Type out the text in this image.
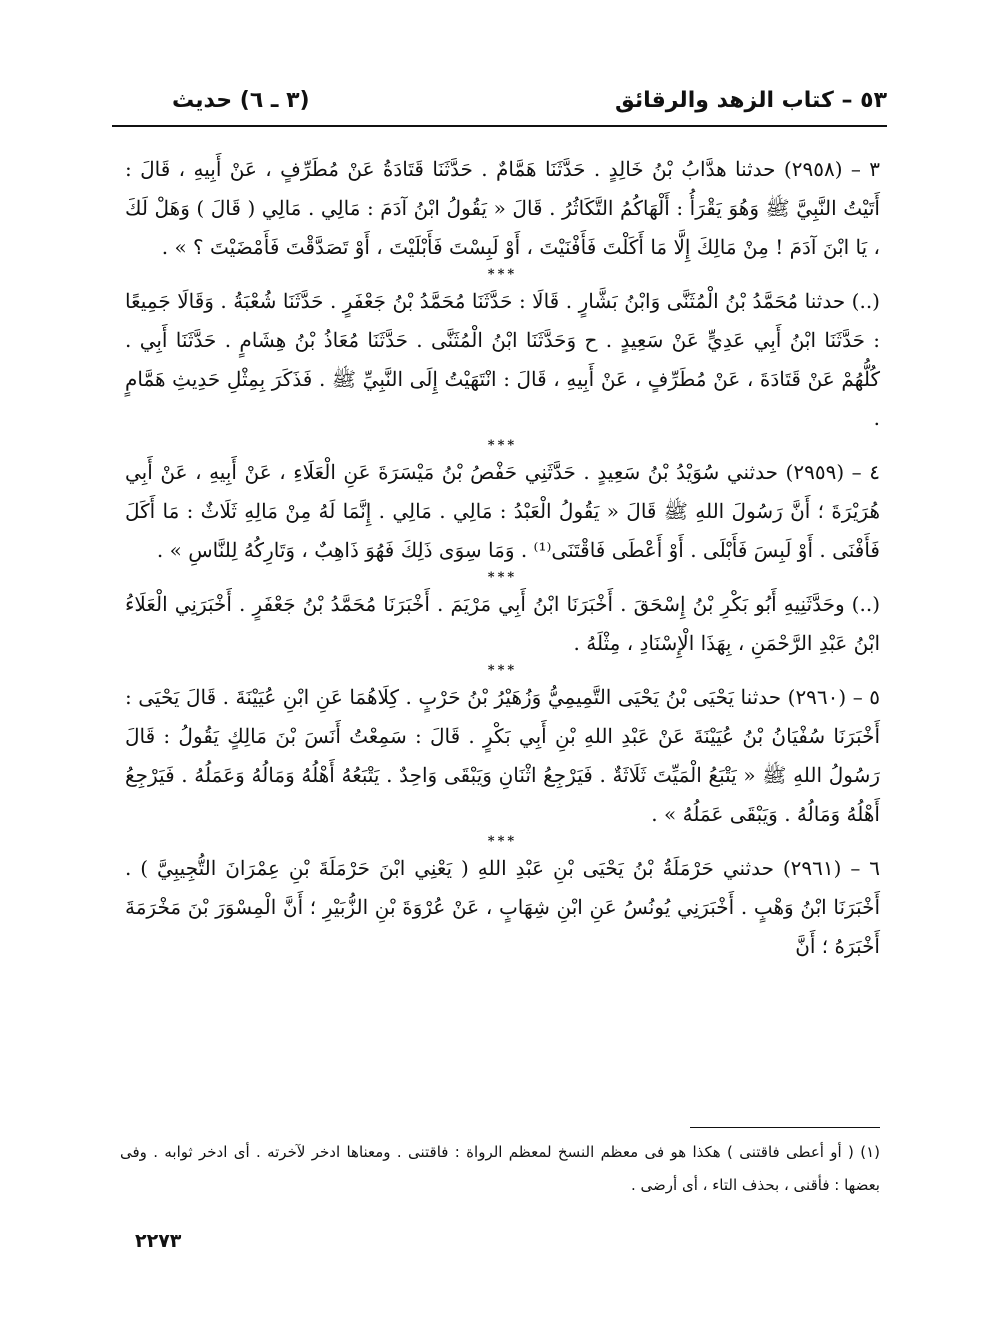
٥٣ – كتاب الزهد والرقائق
(٣ ـ ٦) حديث

٣ – (٢٩٥٨) حدثنا هدَّابُ بْنُ خَالِدٍ . حَدَّثَنَا هَمَّامٌ . حَدَّثَنَا قَتَادَةُ عَنْ مُطَرِّفٍ ، عَنْ أَبِيهِ ، قَالَ : أَتَيْتُ النَّبِيَّ ﷺ وَهُوَ يَقْرَأُ : أَلْهَاكُمُ التَّكَاثُرُ . قَالَ « يَقُولُ ابْنُ آدَمَ : مَالِي . مَالِي ( قَالَ ) وَهَلْ لَكَ ، يَا ابْنَ آدَمَ ! مِنْ مَالِكَ إِلَّا مَا أَكَلْتَ فَأَفْنَيْتَ ، أَوْ لَبِسْتَ فَأَبْلَيْتَ ، أَوْ تَصَدَّقْتَ فَأَمْضَيْتَ ؟ » .

***

(..) حدثنا مُحَمَّدُ بْنُ الْمُثَنَّى وَابْنُ بَشَّارٍ . قَالَا : حَدَّثَنَا مُحَمَّدُ بْنُ جَعْفَرٍ . حَدَّثَنَا شُعْبَةُ . وَقَالَا جَمِيعًا : حَدَّثَنَا ابْنُ أَبِي عَدِيٍّ عَنْ سَعِيدٍ . ح وَحَدَّثَنَا ابْنُ الْمُثَنَّى . حَدَّثَنَا مُعَاذُ بْنُ هِشَامٍ . حَدَّثَنَا أَبِي . كُلُّهُمْ عَنْ قَتَادَةَ ، عَنْ مُطَرِّفٍ ، عَنْ أَبِيهِ ، قَالَ : انْتَهَيْتُ إِلَى النَّبِيِّ ﷺ . فَذَكَرَ بِمِثْلِ حَدِيثِ هَمَّامٍ .

***

٤ – (٢٩٥٩) حدثني سُوَيْدُ بْنُ سَعِيدٍ . حَدَّثَنِي حَفْصُ بْنُ مَيْسَرَةَ عَنِ الْعَلَاءِ ، عَنْ أَبِيهِ ، عَنْ أَبِي هُرَيْرَةَ ؛ أَنَّ رَسُولَ اللهِ ﷺ قَالَ « يَقُولُ الْعَبْدُ : مَالِي . مَالِي . إِنَّمَا لَهُ مِنْ مَالِهِ ثَلَاثٌ : مَا أَكَلَ فَأَفْنَى . أَوْ لَبِسَ فَأَبْلَى . أَوْ أَعْطَى فَاقْتَنَى⁽¹⁾ . وَمَا سِوَى ذَلِكَ فَهُوَ ذَاهِبٌ ، وَتَارِكُهُ لِلنَّاسِ » .

***

(..) وحَدَّثَنِيهِ أَبُو بَكْرِ بْنُ إِسْحَقَ . أَخْبَرَنَا ابْنُ أَبِي مَرْيَمَ . أَخْبَرَنَا مُحَمَّدُ بْنُ جَعْفَرٍ . أَخْبَرَنِي الْعَلَاءُ ابْنُ عَبْدِ الرَّحْمَنِ ، بِهَذَا الْإِسْنَادِ ، مِثْلَهُ .

***

٥ – (٢٩٦٠) حدثنا يَحْيَى بْنُ يَحْيَى التَّمِيمِيُّ وَزُهَيْرُ بْنُ حَرْبٍ . كِلَاهُمَا عَنِ ابْنِ عُيَيْنَةَ . قَالَ يَحْيَى : أَخْبَرَنَا سُفْيَانُ بْنُ عُيَيْنَةَ عَنْ عَبْدِ اللهِ بْنِ أَبِي بَكْرٍ . قَالَ : سَمِعْتُ أَنَسَ بْنَ مَالِكٍ يَقُولُ : قَالَ رَسُولُ اللهِ ﷺ « يَتْبَعُ الْمَيِّتَ ثَلَاثَةٌ . فَيَرْجِعُ اثْنَانِ وَيَبْقَى وَاحِدٌ . يَتْبَعُهُ أَهْلُهُ وَمَالُهُ وَعَمَلُهُ . فَيَرْجِعُ أَهْلُهُ وَمَالُهُ . وَيَبْقَى عَمَلُهُ » .

***

٦ – (٢٩٦١) حدثني حَرْمَلَةُ بْنُ يَحْيَى بْنِ عَبْدِ اللهِ ( يَعْنِي ابْنَ حَرْمَلَةَ بْنِ عِمْرَانَ التُّجِيبِيَّ ) . أَخْبَرَنَا ابْنُ وَهْبٍ . أَخْبَرَنِي يُونُسُ عَنِ ابْنِ شِهَابٍ ، عَنْ عُرْوَةَ بْنِ الزُّبَيْرِ ؛ أَنَّ الْمِسْوَرَ بْنَ مَخْرَمَةَ أَخْبَرَهُ ؛ أَنَّ

(١) ( أو أعطى فاقتنى ) هكذا هو فى معظم النسخ لمعظم الرواة : فاقتنى . ومعناها ادخر لآخرته . أى ادخر ثوابه . وفى بعضها : فأقنى ، بحذف التاء ، أى أرضى .
٢٢٧٣
